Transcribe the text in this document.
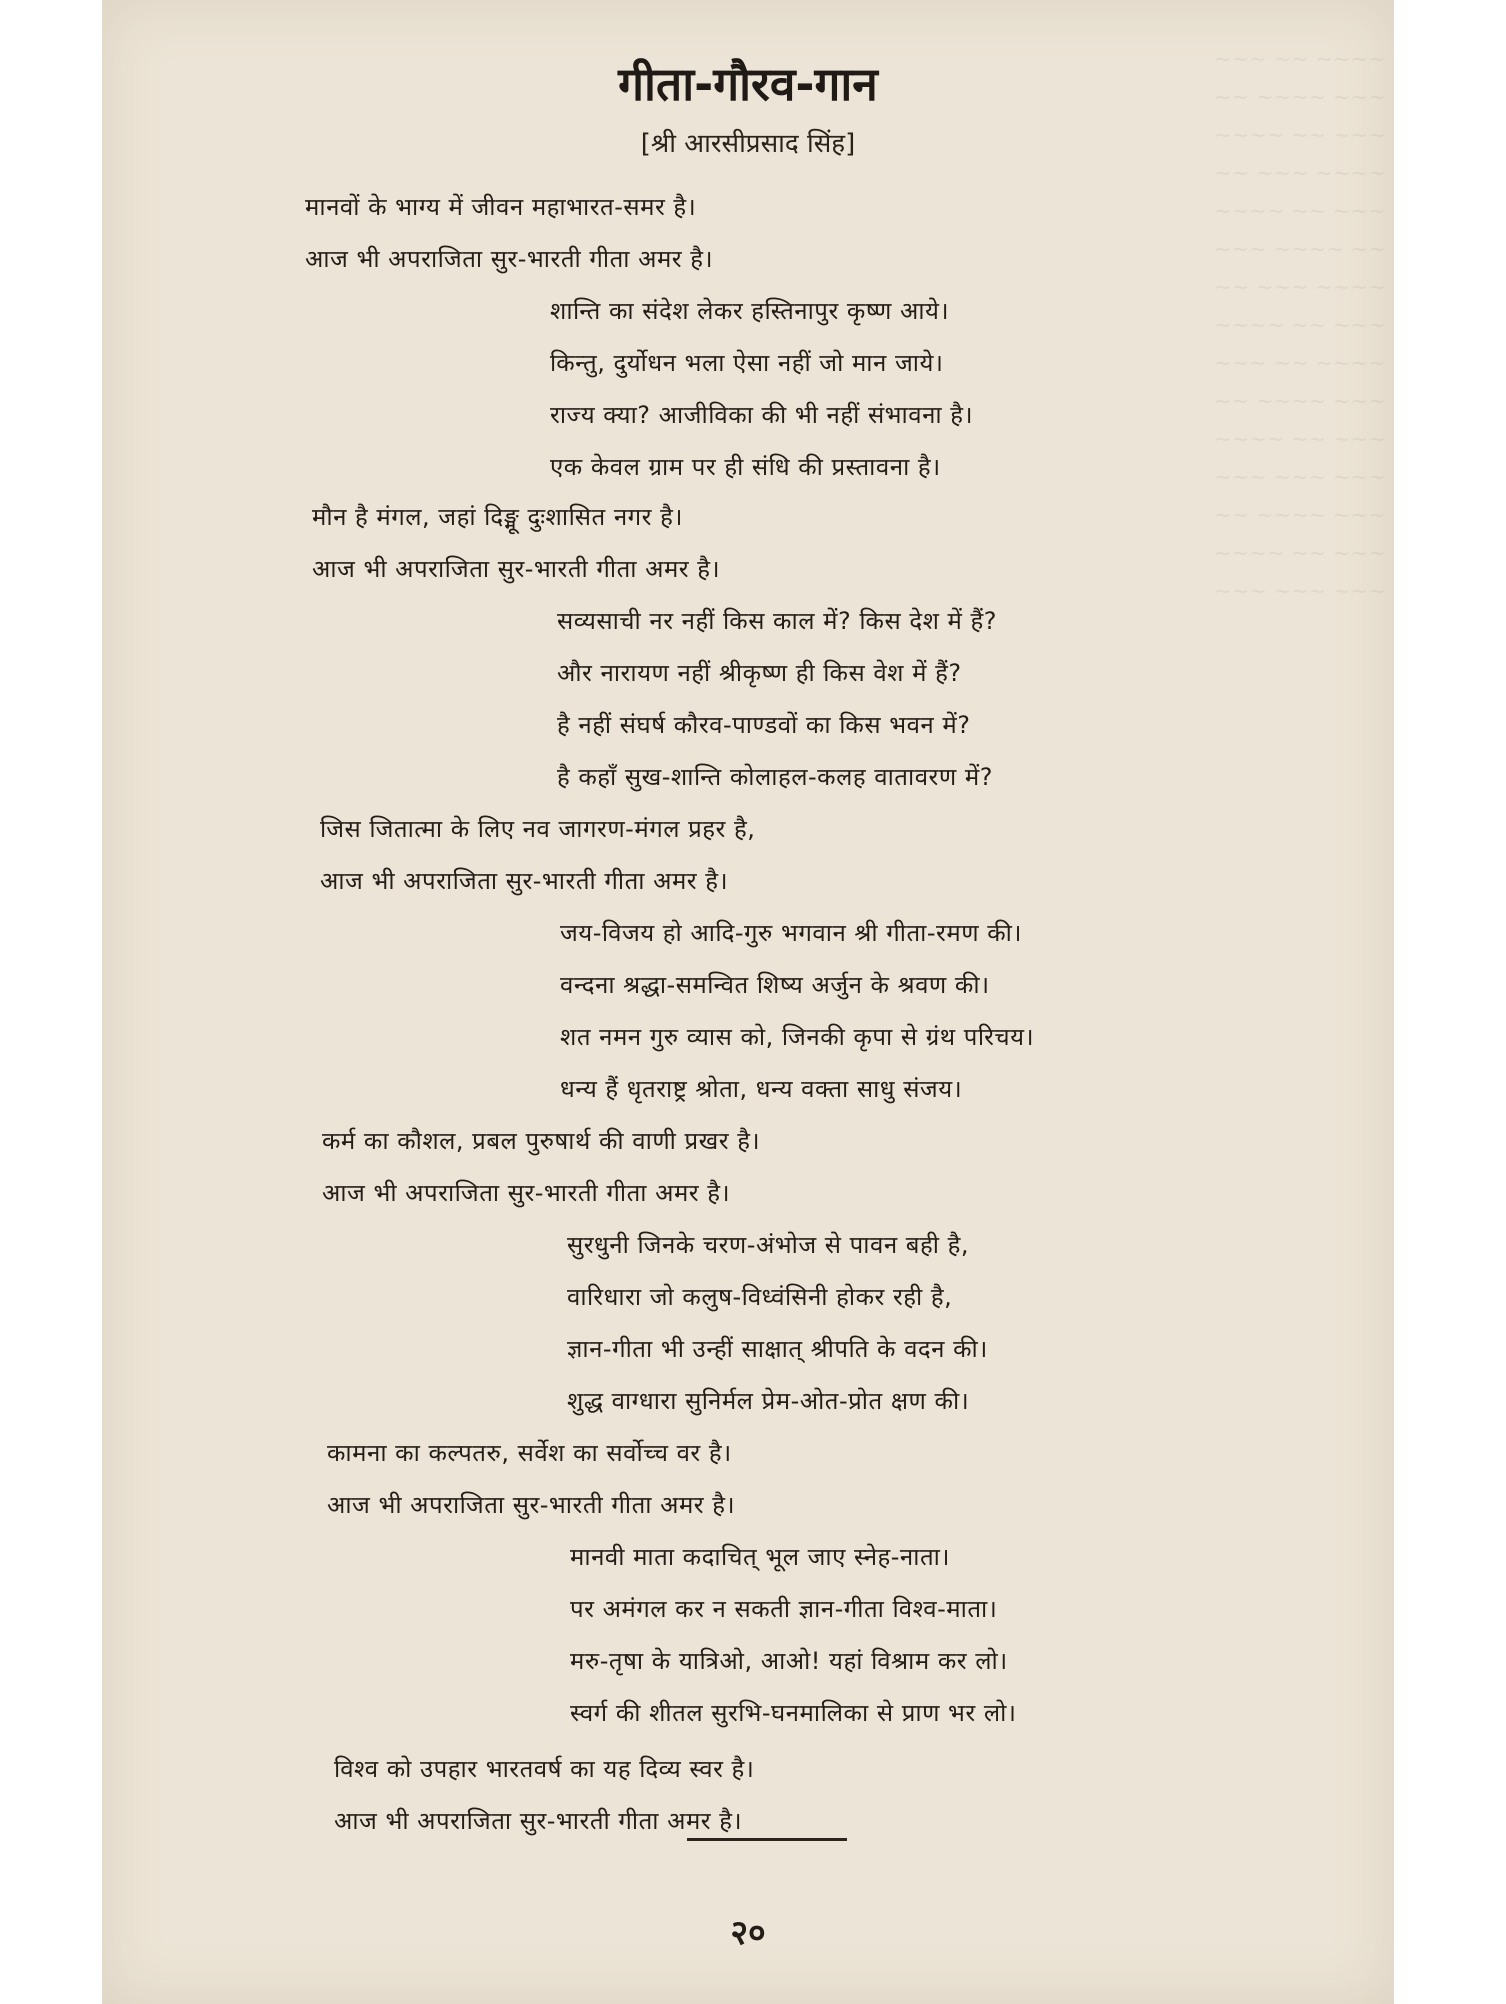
~~~ ~~ ~~~~
~~ ~~~~ ~~~
~~~~ ~~ ~~~
~~ ~~~ ~~~~
~~~~ ~~ ~~~
~~~ ~~~~ ~~
~~ ~~~ ~~~~
~~~~ ~~ ~~~
~~~ ~~ ~~~~
~~ ~~~~ ~~~
~~~~ ~~ ~~~
~~~ ~~~ ~~~
~~ ~~~~ ~~~
~~~~ ~~ ~~~
~~~ ~~~ ~~~
गीता-गौरव-गान
[श्री आरसीप्रसाद सिंह]
मानवों के भाग्य में जीवन महाभारत-समर है।
आज भी अपराजिता सुर-भारती गीता अमर है।
शान्ति का संदेश लेकर हस्तिनापुर कृष्ण आये।
किन्तु, दुर्योधन भला ऐसा नहीं जो मान जाये।
राज्य क्या? आजीविका की भी नहीं संभावना है।
एक केवल ग्राम पर ही संधि की प्रस्तावना है।
मौन है मंगल, जहां दिङ्मू दुःशासित नगर है।
आज भी अपराजिता सुर-भारती गीता अमर है।
सव्यसाची नर नहीं किस काल में? किस देश में हैं?
और नारायण नहीं श्रीकृष्ण ही किस वेश में हैं?
है नहीं संघर्ष कौरव-पाण्डवों का किस भवन में?
है कहाँ सुख-शान्ति कोलाहल-कलह वातावरण में?
जिस जितात्मा के लिए नव जागरण-मंगल प्रहर है,
आज भी अपराजिता सुर-भारती गीता अमर है।
जय-विजय हो आदि-गुरु भगवान श्री गीता-रमण की।
वन्दना श्रद्धा-समन्वित शिष्य अर्जुन के श्रवण की।
शत नमन गुरु व्यास को, जिनकी कृपा से ग्रंथ परिचय।
धन्य हैं धृतराष्ट्र श्रोता, धन्य वक्ता साधु संजय।
कर्म का कौशल, प्रबल पुरुषार्थ की वाणी प्रखर है।
आज भी अपराजिता सुर-भारती गीता अमर है।
सुरधुनी जिनके चरण-अंभोज से पावन बही है,
वारिधारा जो कलुष-विध्वंसिनी होकर रही है,
ज्ञान-गीता भी उन्हीं साक्षात् श्रीपति के वदन की।
शुद्ध वाग्धारा सुनिर्मल प्रेम-ओत-प्रोत क्षण की।
कामना का कल्पतरु, सर्वेश का सर्वोच्च वर है।
आज भी अपराजिता सुर-भारती गीता अमर है।
मानवी माता कदाचित् भूल जाए स्नेह-नाता।
पर अमंगल कर न सकती ज्ञान-गीता विश्व-माता।
मरु-तृषा के यात्रिओ, आओ! यहां विश्राम कर लो।
स्वर्ग की शीतल सुरभि-घनमालिका से प्राण भर लो।
विश्व को उपहार भारतवर्ष का यह दिव्य स्वर है।
आज भी अपराजिता सुर-भारती गीता अमर है।
२०
